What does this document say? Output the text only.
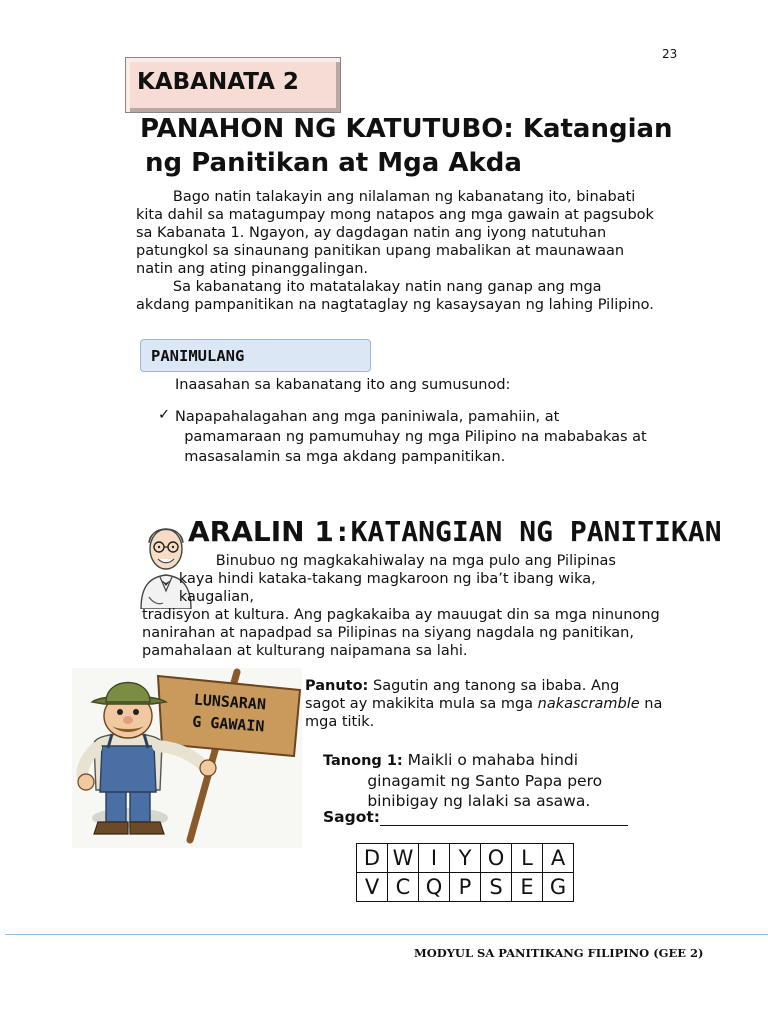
23
KABANATA 2
PANAHON NG KATUTUBO: Katangian
ng Panitikan at Mga Akda
Bago natin talakayin ang nilalaman ng kabanatang ito, binabati
kita dahil sa matagumpay mong natapos ang mga gawain at pagsubok
sa Kabanata 1. Ngayon, ay dagdagan natin ang iyong natutuhan
patungkol sa sinaunang panitikan upang mabalikan at maunawaan
natin ang ating pinanggalingan.
Sa kabanatang ito matatalakay natin nang ganap ang mga
akdang pampanitikan na nagtataglay ng kasaysayan ng lahing Pilipino.
PANIMULANG
Inaasahan sa kabanatang ito ang sumusunod:
✓ Napapahalagahan ang mga paniniwala, pamahiin, at
pamamaraan ng pamumuhay ng mga Pilipino na mababakas at
masasalamin sa mga akdang pampanitikan.
ARALIN 1:KATANGIAN NG PANITIKAN
Binubuo ng magkakahiwalay na mga pulo ang Pilipinas
kaya hindi kataka-takang magkaroon ng iba’t ibang wika,
kaugalian,
tradisyon at kultura. Ang pagkakaiba ay mauugat din sa mga ninunong
nanirahan at napadpad sa Pilipinas na siyang nagdala ng panitikan,
pamahalaan at kulturang naipamana sa lahi.
LUNSARAN
G GAWAIN
Panuto: Sagutin ang tanong sa ibaba. Ang
sagot ay makikita mula sa mga nakascramble na
mga titik.
Tanong 1: Maikli o mahaba hindi
ginagamit ng Santo Papa pero
binibigay ng lalaki sa asawa.
Sagot:
D	W	I	Y	O	L	A
V	C	Q	P	S	E	G
MODYUL SA PANITIKANG FILIPINO (GEE 2)
